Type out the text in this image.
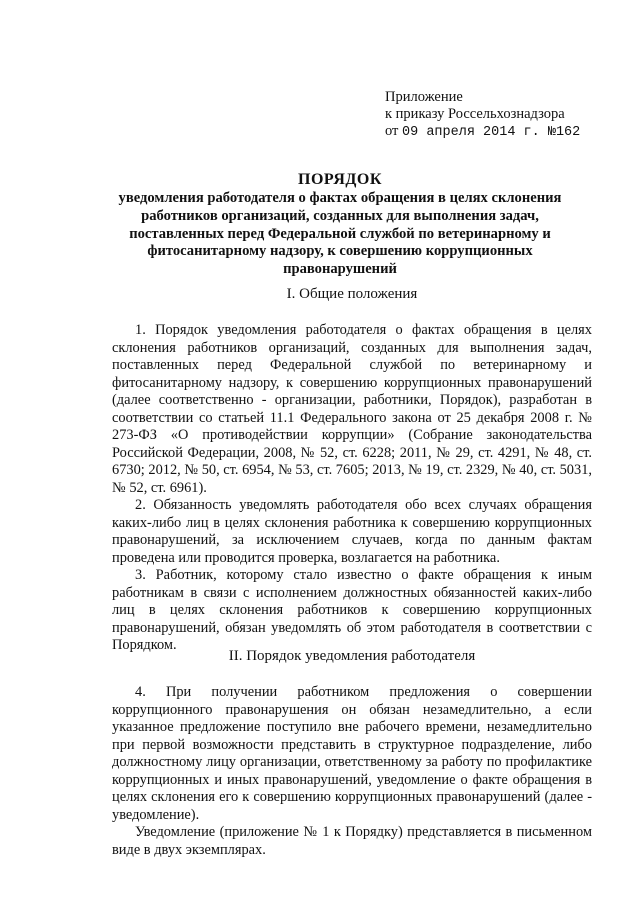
Приложение
к приказу Россельхознадзора
от 09 апреля 2014 г. №162
ПОРЯДОК
уведомления работодателя о фактах обращения в целях склонения работников организаций, созданных для выполнения задач, поставленных перед Федеральной службой по ветеринарному и фитосанитарному надзору, к совершению коррупционных правонарушений
I. Общие положения

1. Порядок уведомления работодателя о фактах обращения в целях склонения работников организаций, созданных для выполнения задач, поставленных перед Федеральной службой по ветеринарному и фитосанитарному надзору, к совершению коррупционных правонарушений (далее соответственно - организации, работники, Порядок), разработан в соответствии со статьей 11.1 Федерального закона от 25 декабря 2008 г. № 273-ФЗ «О противодействии коррупции» (Собрание законодательства Российской Федерации, 2008, № 52, ст. 6228; 2011, № 29, ст. 4291, № 48, ст. 6730; 2012, № 50, ст. 6954, № 53, ст. 7605; 2013, № 19, ст. 2329, № 40, ст. 5031, № 52, ст. 6961).

2. Обязанность уведомлять работодателя обо всех случаях обращения каких-либо лиц в целях склонения работника к совершению коррупционных правонарушений, за исключением случаев, когда по данным фактам проведена или проводится проверка, возлагается на работника.

3. Работник, которому стало известно о факте обращения к иным работникам в связи с исполнением должностных обязанностей каких-либо лиц в целях склонения работников к совершению коррупционных правонарушений, обязан уведомлять об этом работодателя в соответствии с Порядком.

II. Порядок уведомления работодателя

4. При получении работником предложения о совершении коррупционного правонарушения он обязан незамедлительно, а если указанное предложение поступило вне рабочего времени, незамедлительно при первой возможности представить в структурное подразделение, либо должностному лицу организации, ответственному за работу по профилактике коррупционных и иных правонарушений, уведомление о факте обращения в целях склонения его к совершению коррупционных правонарушений (далее - уведомление).

Уведомление (приложение № 1 к Порядку) представляется в письменном виде в двух экземплярах.
